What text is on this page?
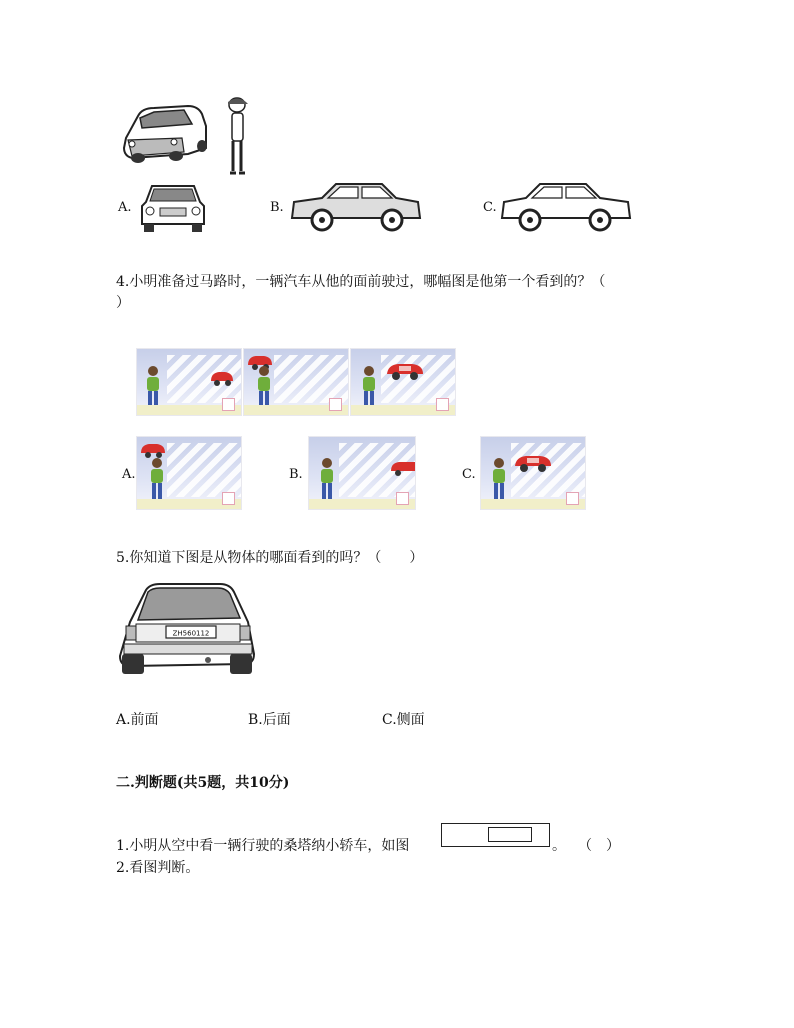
A.	B.	C.
4.小明准备过马路时，一辆汽车从他的面前驶过，哪幅图是他第一个看到的？（
）
A.	B.	C.
5.你知道下图是从物体的哪面看到的吗？（　　）
ZH560112
A.前面	B.后面	C.侧面
二.判断题(共5题，共10分)
1.小明从空中看一辆行驶的桑塔纳小轿车，如图	。 （　）
2.看图判断。
